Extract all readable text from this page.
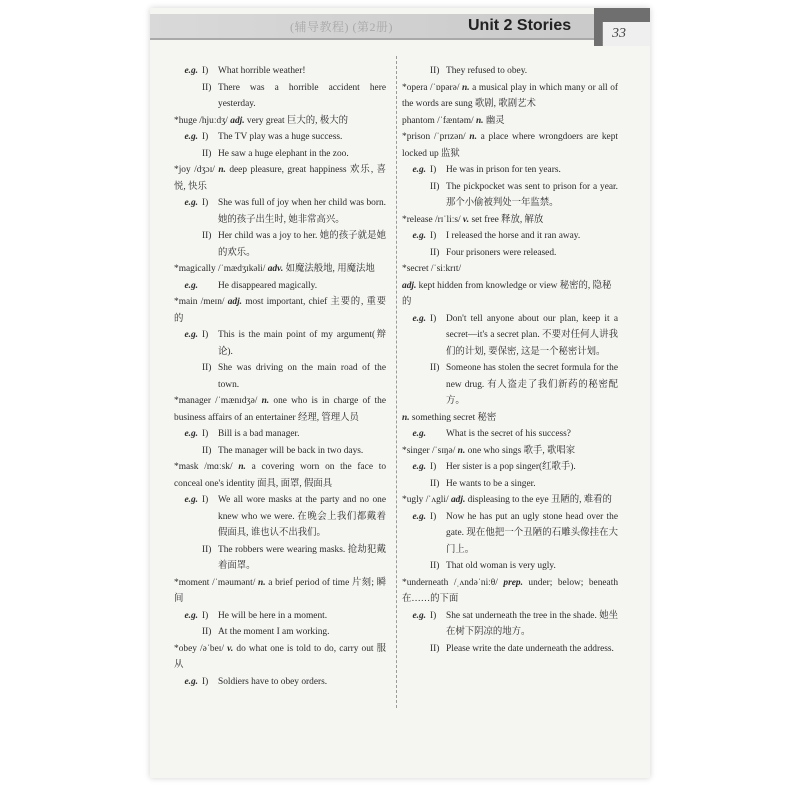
(辅导教程) (第2册)	Unit 2 Stories	33
e.g. I)	What horrible weather!
II) There was a horrible accident here yesterday.

*huge /hjuːdʒ/ adj. very great 巨大的, 极大的

e.g. I)	The TV play was a huge success.
II) He saw a huge elephant in the zoo.

*joy /dʒɔɪ/ n. deep pleasure, great happiness 欢乐, 喜悦, 快乐

e.g. I)	She was full of joy when her child was born. 她的孩子出生时, 她非常高兴。
II) Her child was a joy to her. 她的孩子就是她的欢乐。

*magically /ˈmædʒɪkəli/ adv. 如魔法般地, 用魔法地

e.g.	He disappeared magically.

*main /meɪn/ adj. most important, chief 主要的, 重要的

e.g. I)	This is the main point of my argument(辩论).
II) She was driving on the main road of the town.

*manager /ˈmænɪdʒə/ n. one who is in charge of the business affairs of an entertainer 经理, 管理人员

e.g. I)	Bill is a bad manager.
II) The manager will be back in two days.

*mask /mɑːsk/ n. a covering worn on the face to conceal one's identity 面具, 面罩, 假面具

e.g. I)	We all wore masks at the party and no one knew who we were. 在晚会上我们都戴着假面具, 谁也认不出我们。
II) The robbers were wearing masks. 抢劫犯戴着面罩。

*moment /ˈməumənt/ n. a brief period of time 片刻; 瞬间

e.g. I)	He will be here in a moment.
II) At the moment I am working.

*obey /əˈbeɪ/ v. do what one is told to do, carry out 服从

e.g. I)	Soldiers have to obey orders.
II) They refused to obey.

*opera /ˈɒpərə/ n. a musical play in which many or all of the words are sung 歌剧, 歌剧艺术

phantom /ˈfæntəm/ n. 幽灵

*prison /ˈprɪzən/ n. a place where wrongdoers are kept locked up 监狱

e.g. I)	He was in prison for ten years.
II) The pickpocket was sent to prison for a year. 那个小偷被判处一年监禁。

*release /rɪˈliːs/ v. set free 释放, 解放

e.g. I)	I released the horse and it ran away.
II) Four prisoners were released.

*secret /ˈsiːkrɪt/

adj. kept hidden from knowledge or view 秘密的, 隐秘的

e.g. I)	Don't tell anyone about our plan, keep it a secret—it's a secret plan. 不要对任何人讲我们的计划, 要保密, 这是一个秘密计划。
II) Someone has stolen the secret formula for the new drug. 有人盗走了我们新药的秘密配方。

n. something secret 秘密

e.g.	What is the secret of his success?

*singer /ˈsɪŋə/ n. one who sings 歌手, 歌唱家

e.g. I)	Her sister is a pop singer(红歌手).
II) He wants to be a singer.

*ugly /ˈʌgli/ adj. displeasing to the eye 丑陋的, 难看的

e.g. I)	Now he has put an ugly stone head over the gate. 现在他把一个丑陋的石雕头像挂在大门上。
II) That old woman is very ugly.

*underneath /ˌʌndəˈniːθ/ prep. under; below; beneath 在……的下面

e.g. I)	She sat underneath the tree in the shade. 她坐在树下阴凉的地方。
II) Please write the date underneath the address.
